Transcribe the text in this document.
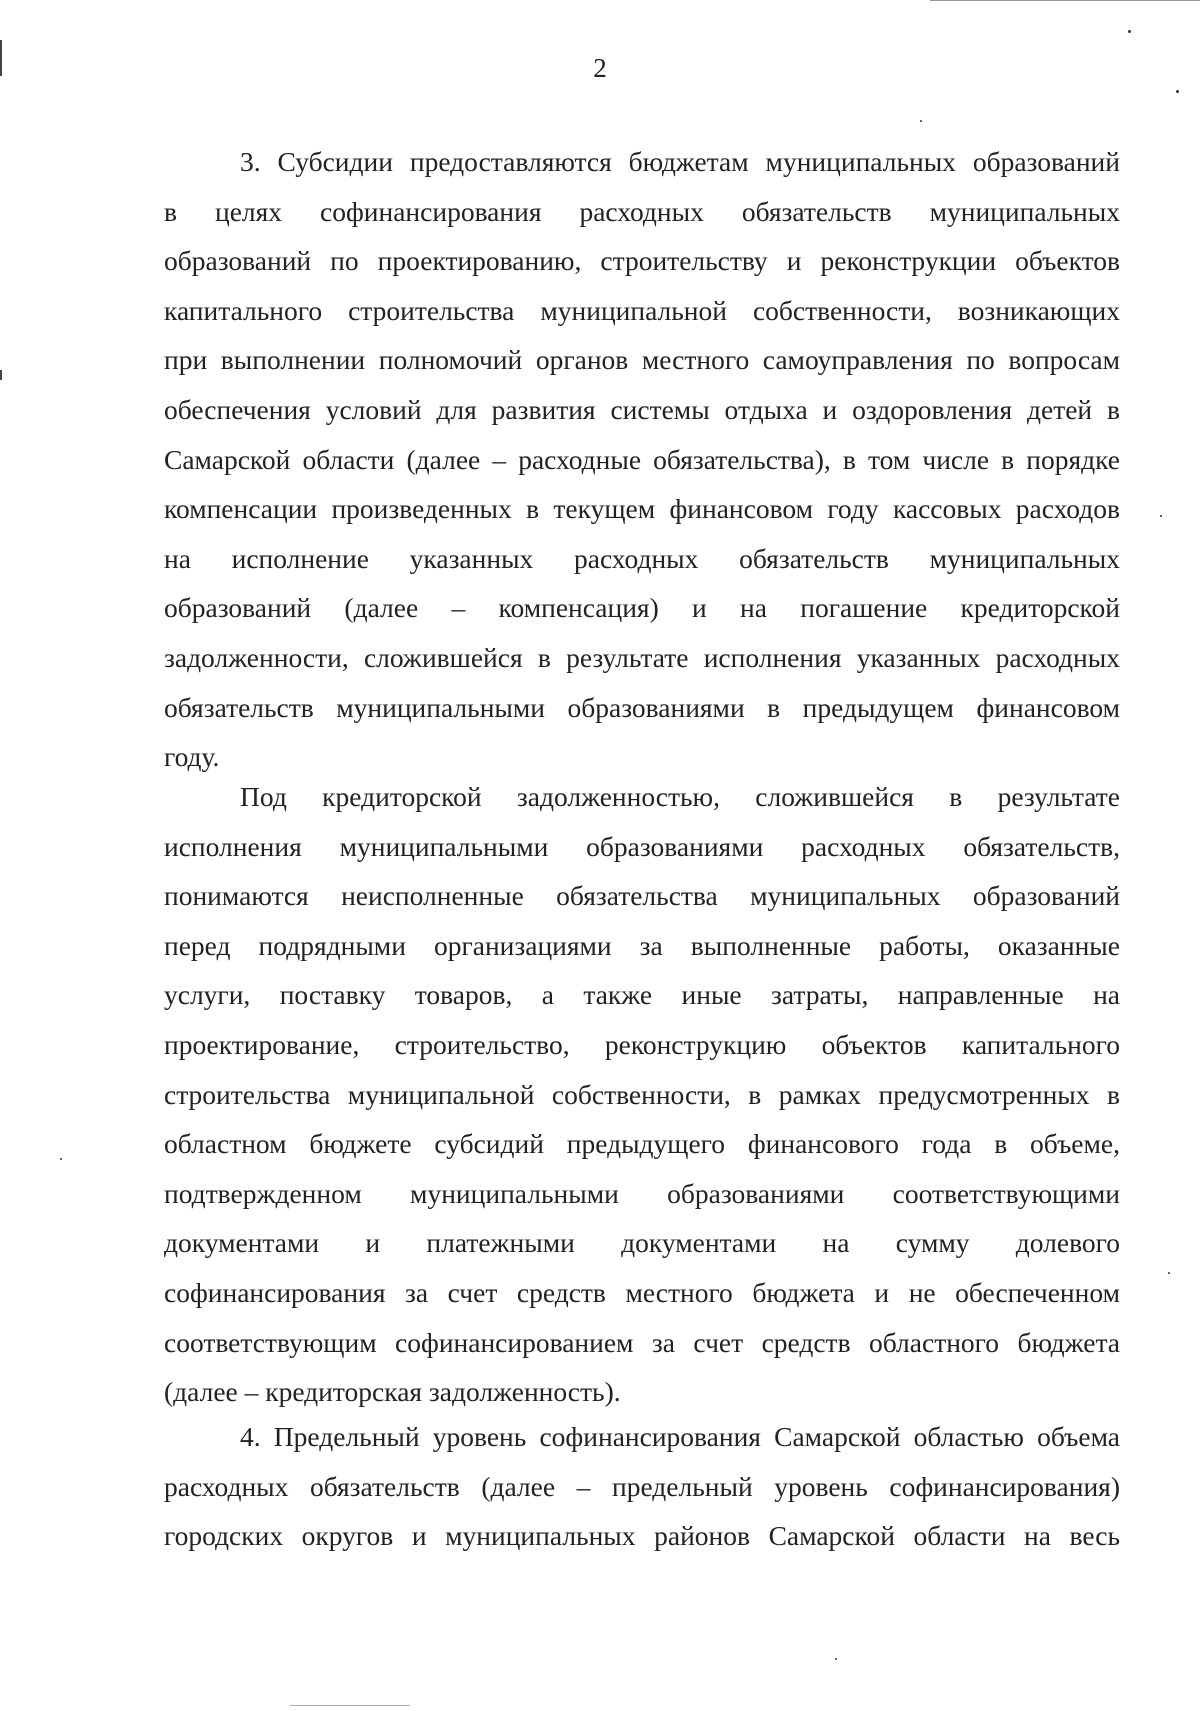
2
3. Субсидии предоставляются бюджетам муниципальных образований
в целях софинансирования расходных обязательств муниципальных
образований по проектированию, строительству и реконструкции объектов
капитального строительства муниципальной собственности, возникающих
при выполнении полномочий органов местного самоуправления по вопросам
обеспечения условий для развития системы отдыха и оздоровления детей в
Самарской области (далее – расходные обязательства), в том числе в порядке
компенсации произведенных в текущем финансовом году кассовых расходов
на исполнение указанных расходных обязательств муниципальных
образований (далее – компенсация) и на погашение кредиторской
задолженности, сложившейся в результате исполнения указанных расходных
обязательств муниципальными образованиями в предыдущем финансовом
году.
Под кредиторской задолженностью, сложившейся в результате
исполнения муниципальными образованиями расходных обязательств,
понимаются неисполненные обязательства муниципальных образований
перед подрядными организациями за выполненные работы, оказанные
услуги, поставку товаров, а также иные затраты, направленные на
проектирование, строительство, реконструкцию объектов капитального
строительства муниципальной собственности, в рамках предусмотренных в
областном бюджете субсидий предыдущего финансового года в объеме,
подтвержденном муниципальными образованиями соответствующими
документами и платежными документами на сумму долевого
софинансирования за счет средств местного бюджета и не обеспеченном
соответствующим софинансированием за счет средств областного бюджета
(далее – кредиторская задолженность).
4. Предельный уровень софинансирования Самарской областью объема
расходных обязательств (далее – предельный уровень софинансирования)
городских округов и муниципальных районов Самарской области на весь
